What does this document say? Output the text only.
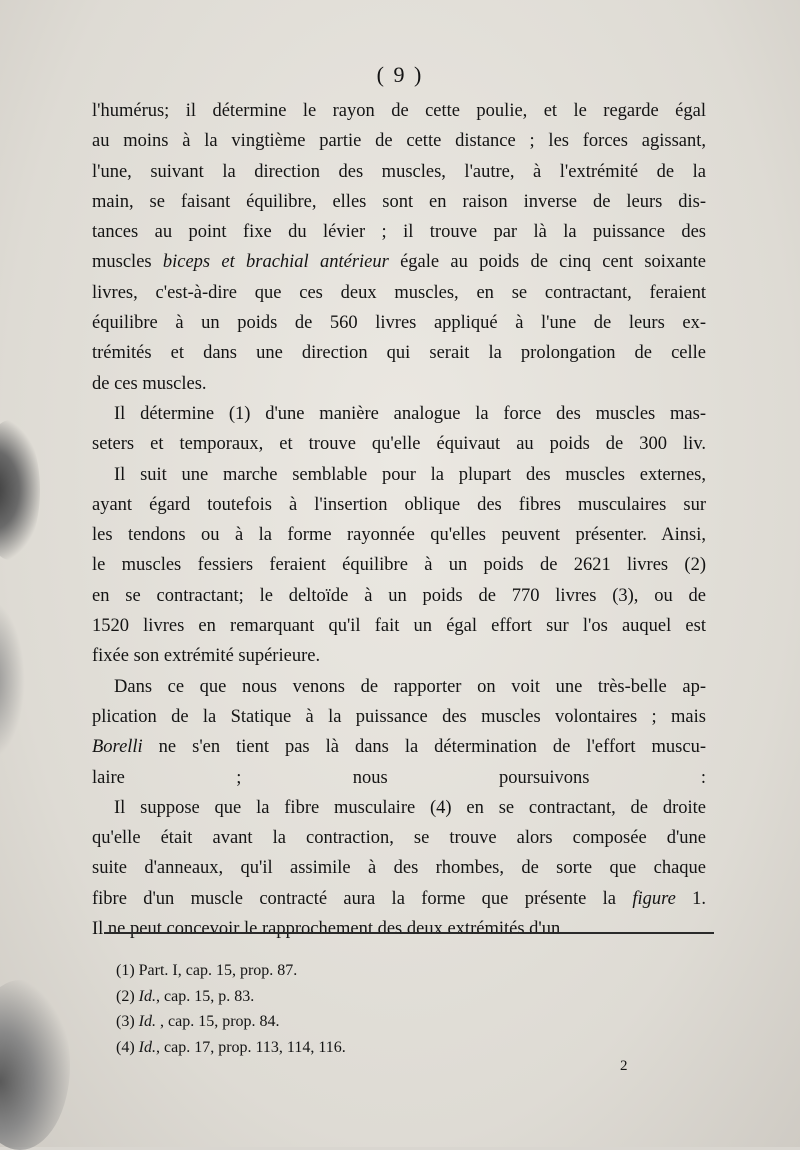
( 9 )
l'humérus; il détermine le rayon de cette poulie, et le regarde égal
au moins à la vingtième partie de cette distance ; les forces agissant,
l'une, suivant la direction des muscles, l'autre, à l'extrémité de la
main, se faisant équilibre, elles sont en raison inverse de leurs dis-
tances au point fixe du lévier ; il trouve par là la puissance des
muscles biceps et brachial antérieur égale au poids de cinq cent soixante
livres, c'est-à-dire que ces deux muscles, en se contractant, feraient
équilibre à un poids de 560 livres appliqué à l'une de leurs ex-
trémités et dans une direction qui serait la prolongation de celle
de ces muscles.
Il détermine (1) d'une manière analogue la force des muscles mas-
seters et temporaux, et trouve qu'elle équivaut au poids de 300 liv.
Il suit une marche semblable pour la plupart des muscles externes,
ayant égard toutefois à l'insertion oblique des fibres musculaires sur
les tendons ou à la forme rayonnée qu'elles peuvent présenter. Ainsi,
le muscles fessiers feraient équilibre à un poids de 2621 livres (2)
en se contractant; le deltoïde à un poids de 770 livres (3), ou de
1520 livres en remarquant qu'il fait un égal effort sur l'os auquel est
fixée son extrémité supérieure.
Dans ce que nous venons de rapporter on voit une très-belle ap-
plication de la Statique à la puissance des muscles volontaires ; mais
Borelli ne s'en tient pas là dans la détermination de l'effort muscu-
laire ; nous poursuivons :
Il suppose que la fibre musculaire (4) en se contractant, de droite
qu'elle était avant la contraction, se trouve alors composée d'une
suite d'anneaux, qu'il assimile à des rhombes, de sorte que chaque
fibre d'un muscle contracté aura la forme que présente la figure 1.
Il ne peut concevoir le rapprochement des deux extrémités d'un
(1) Part. I, cap. 15, prop. 87.
(2) Id., cap. 15, p. 83.
(3) Id. , cap. 15, prop. 84.
(4) Id., cap. 17, prop. 113, 114, 116.
2
